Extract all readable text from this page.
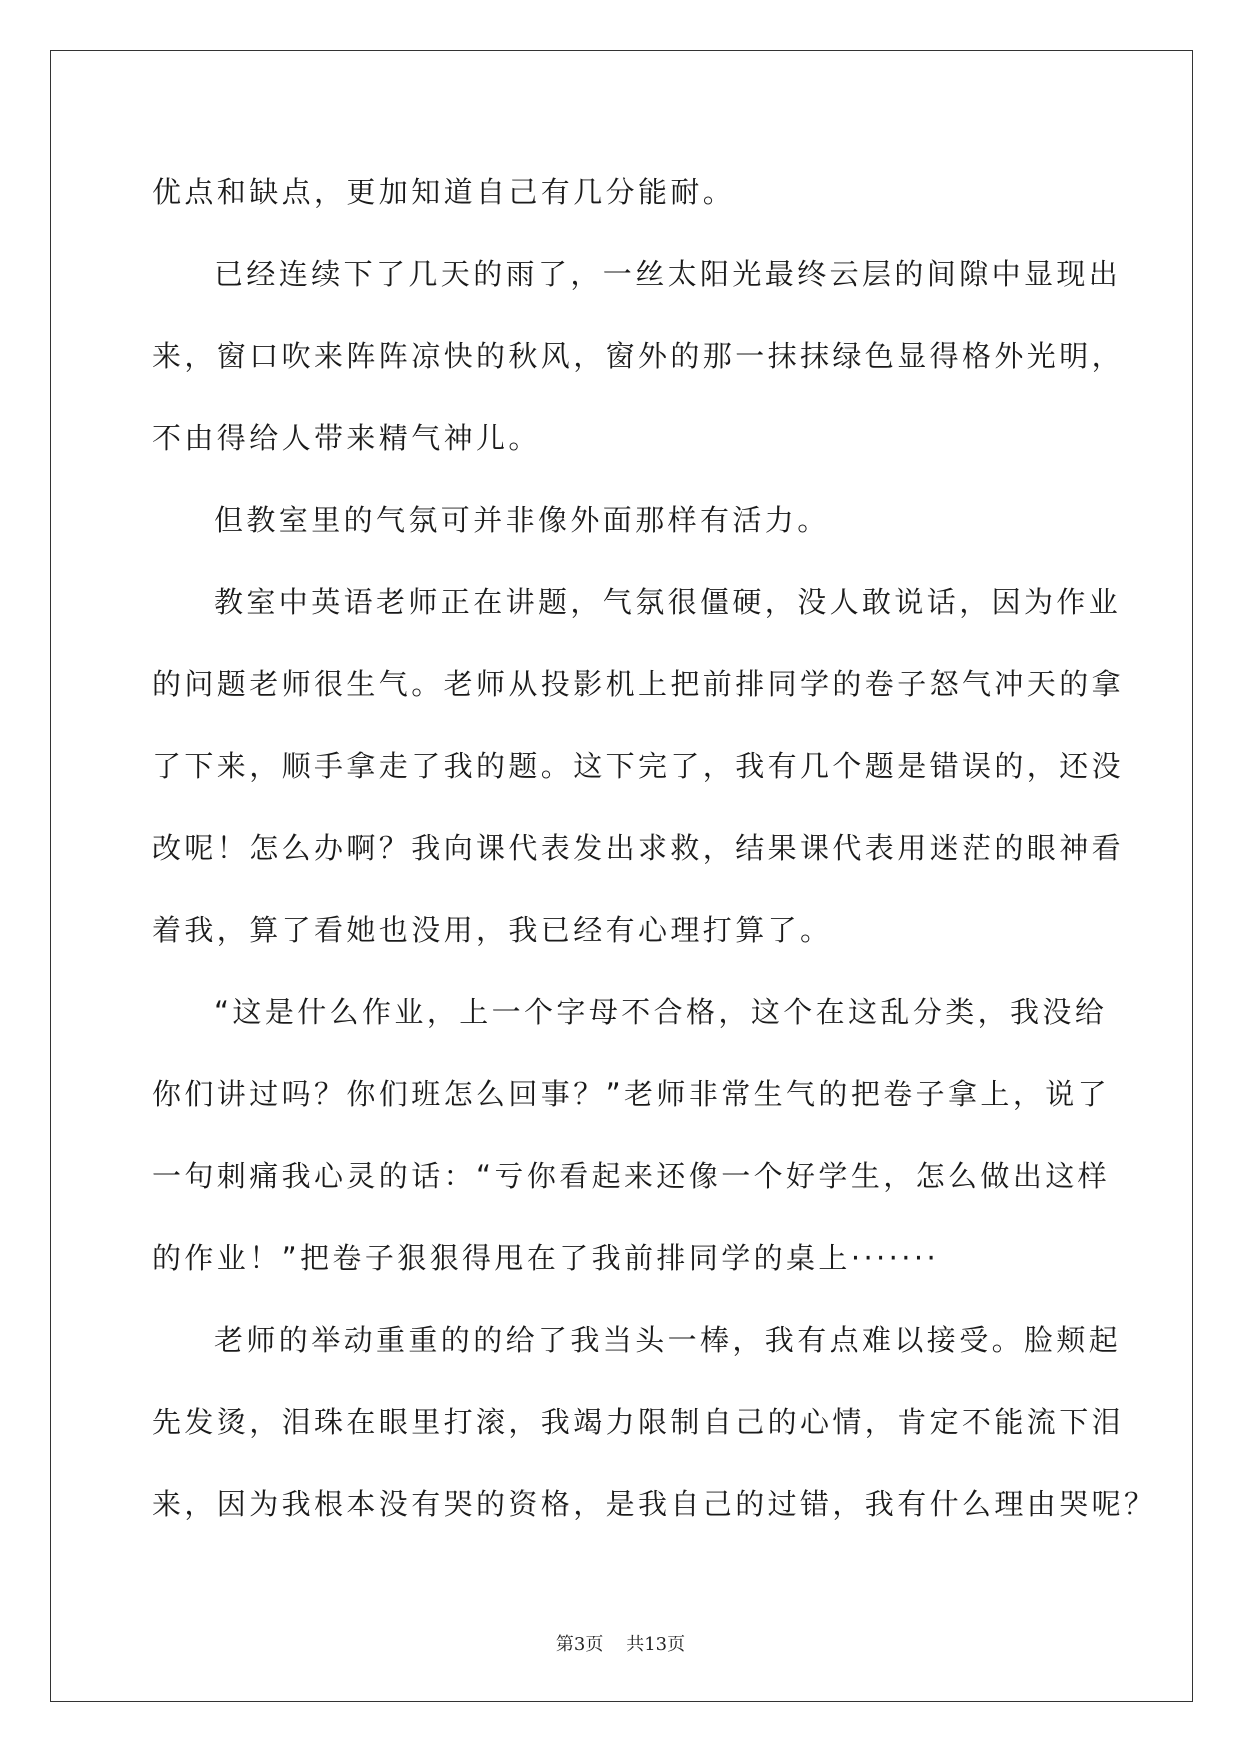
优点和缺点，更加知道自己有几分能耐。
已经连续下了几天的雨了，一丝太阳光最终云层的间隙中显现出
来，窗口吹来阵阵凉快的秋风，窗外的那一抹抹绿色显得格外光明，
不由得给人带来精气神儿。
但教室里的气氛可并非像外面那样有活力。
教室中英语老师正在讲题，气氛很僵硬，没人敢说话，因为作业
的问题老师很生气。老师从投影机上把前排同学的卷子怒气冲天的拿
了下来，顺手拿走了我的题。这下完了，我有几个题是错误的，还没
改呢！怎么办啊？我向课代表发出求救，结果课代表用迷茫的眼神看
着我，算了看她也没用，我已经有心理打算了。
“这是什么作业，上一个字母不合格，这个在这乱分类，我没给
你们讲过吗？你们班怎么回事？”老师非常生气的把卷子拿上，说了
一句刺痛我心灵的话：“亏你看起来还像一个好学生，怎么做出这样
的作业！”把卷子狠狠得甩在了我前排同学的桌上·······
老师的举动重重的的给了我当头一棒，我有点难以接受。脸颊起
先发烫，泪珠在眼里打滚，我竭力限制自己的心情，肯定不能流下泪
来，因为我根本没有哭的资格，是我自己的过错，我有什么理由哭呢？
第3页    共13页
